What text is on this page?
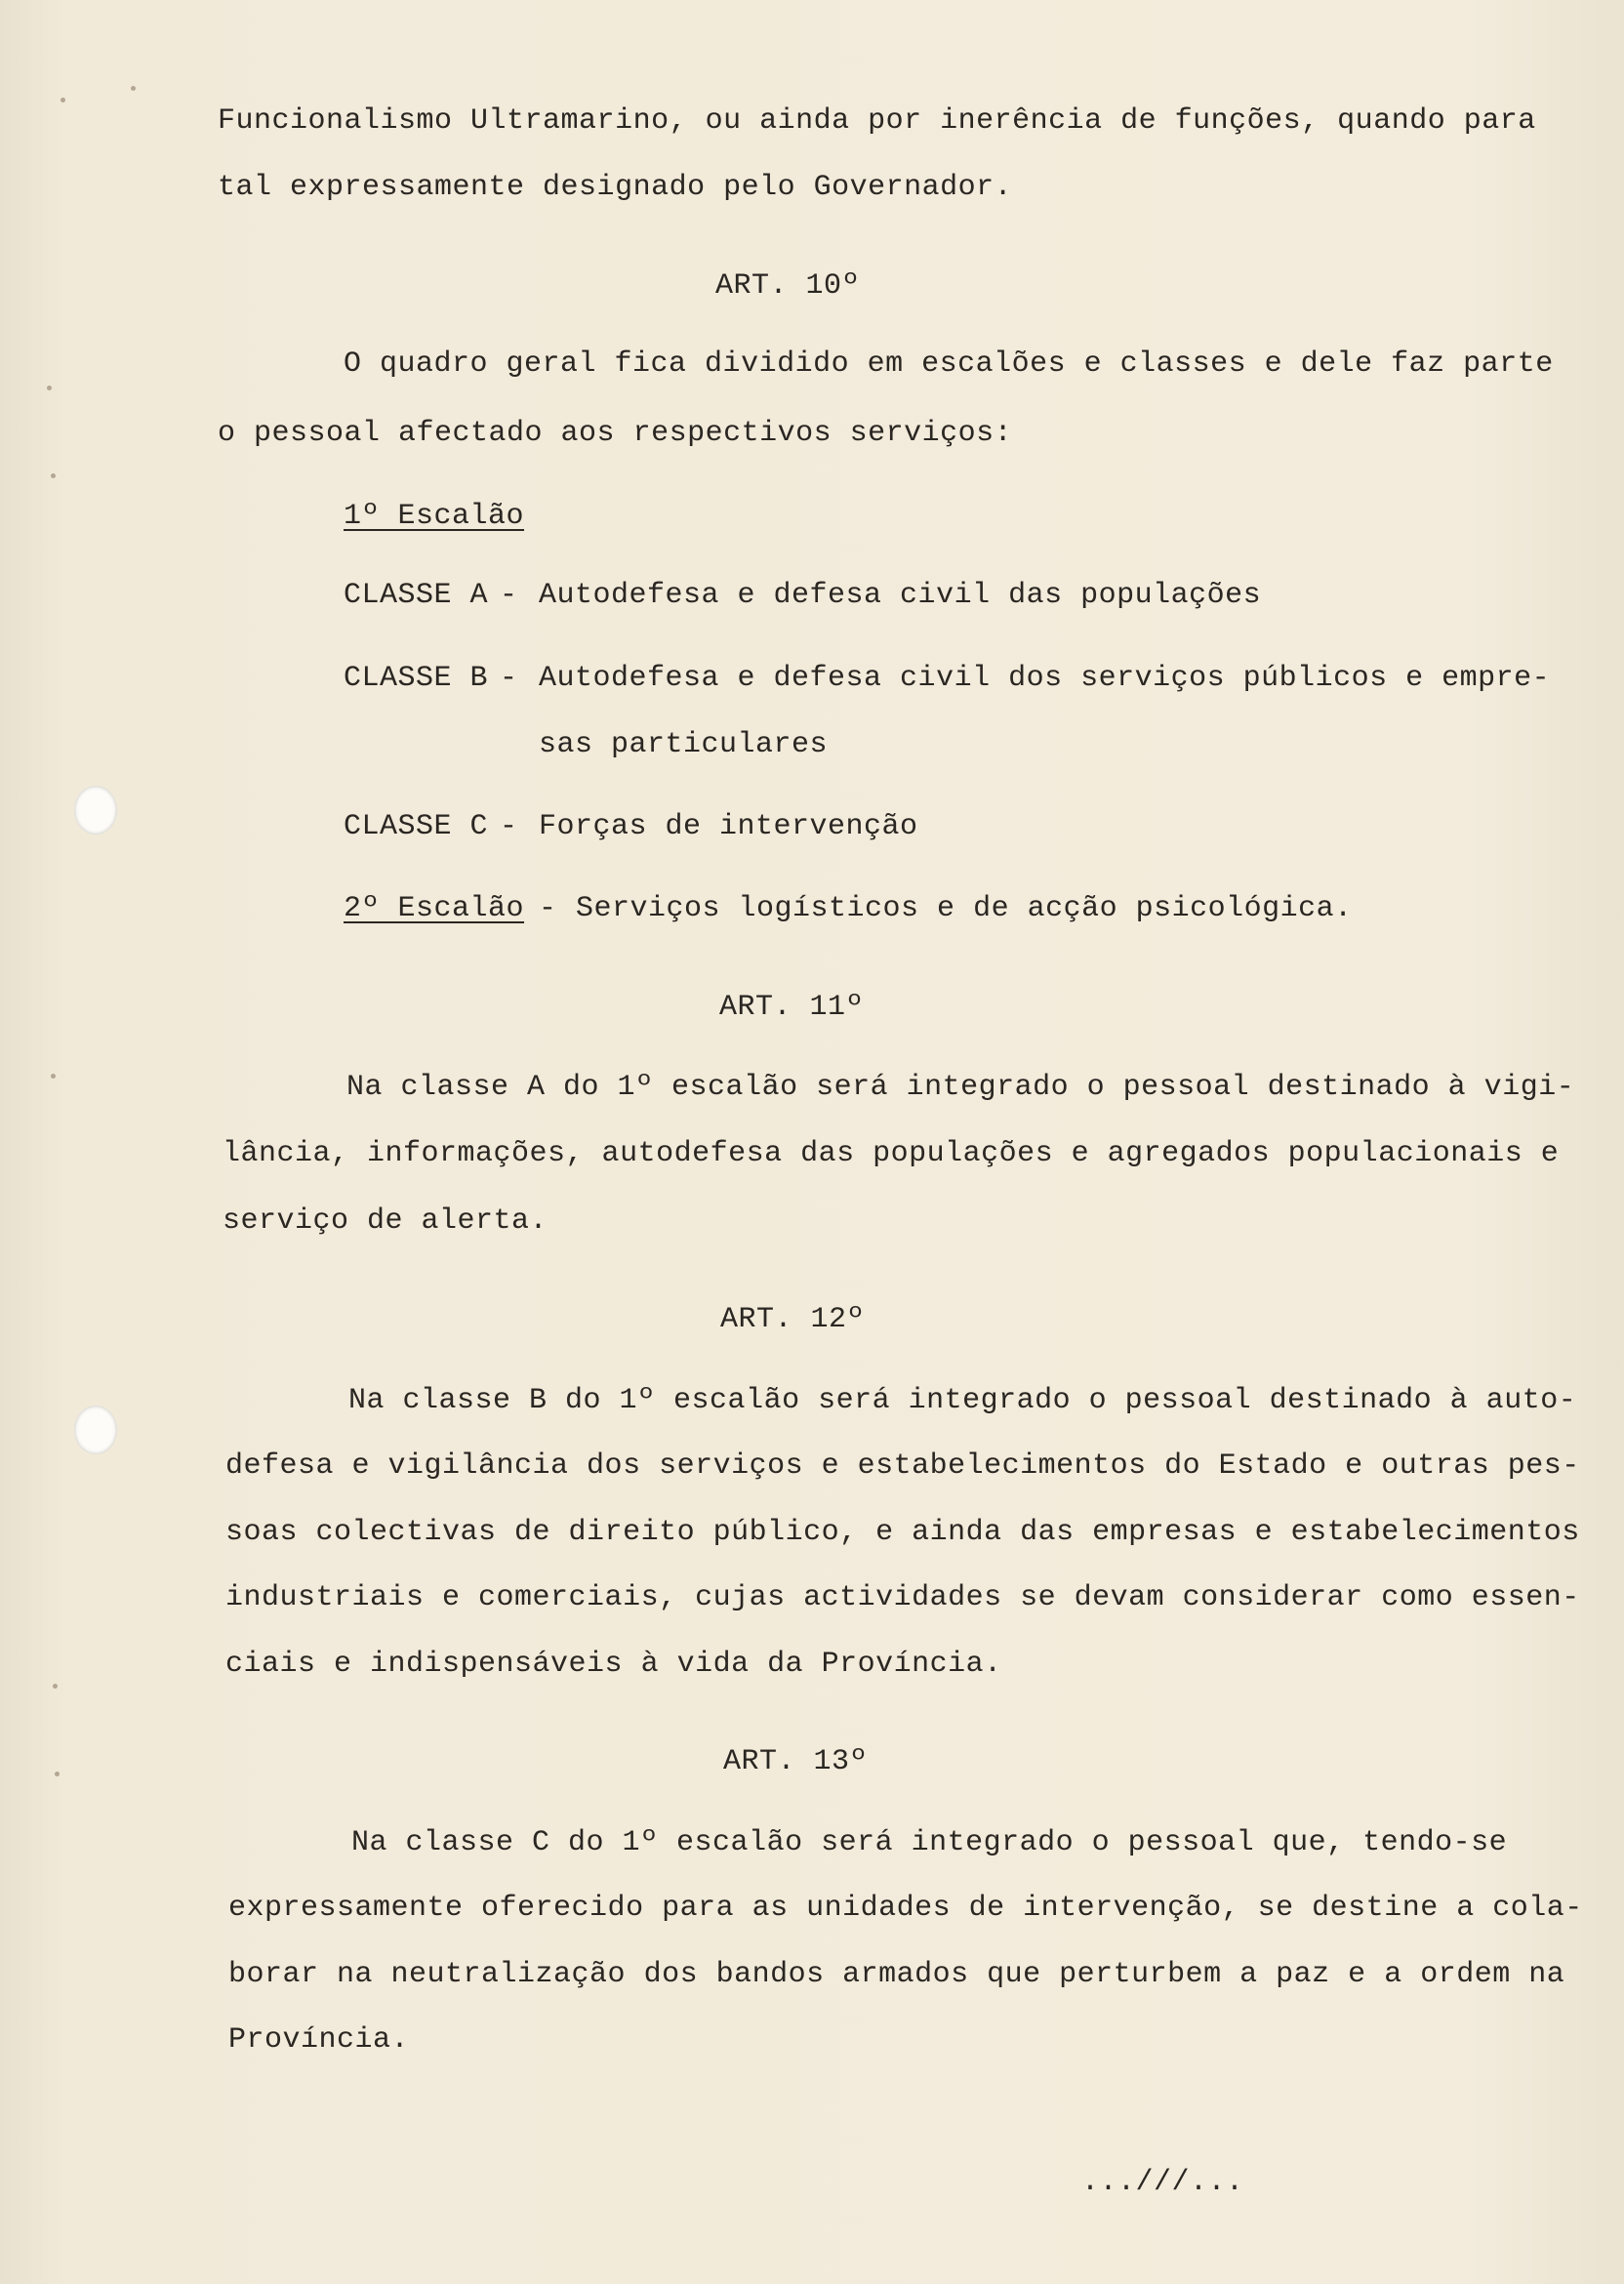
Funcionalismo Ultramarino, ou ainda por inerência de funções, quando para
tal expressamente designado pelo Governador.
ART. 10º
O quadro geral fica dividido em escalões e classes e dele faz parte
o pessoal afectado aos respectivos serviços:
1º Escalão
CLASSE A - Autodefesa e defesa civil das populações
CLASSE B - Autodefesa e defesa civil dos serviços públicos e empre-
sas particulares
CLASSE C - Forças de intervenção
2º Escalão - Serviços logísticos e de acção psicológica.
ART. 11º
Na classe A do 1º escalão será integrado o pessoal destinado à vigi-
lância, informações, autodefesa das populações e agregados populacionais e
serviço de alerta.
ART. 12º
Na classe B do 1º escalão será integrado o pessoal destinado à auto-
defesa e vigilância dos serviços e estabelecimentos do Estado e outras pes-
soas colectivas de direito público, e ainda das empresas e estabelecimentos
industriais e comerciais, cujas actividades se devam considerar como essen-
ciais e indispensáveis à vida da Província.
ART. 13º
Na classe C do 1º escalão será integrado o pessoal que, tendo-se
expressamente oferecido para as unidades de intervenção, se destine a cola-
borar na neutralização dos bandos armados que perturbem a paz e a ordem na
Província.
...///...
